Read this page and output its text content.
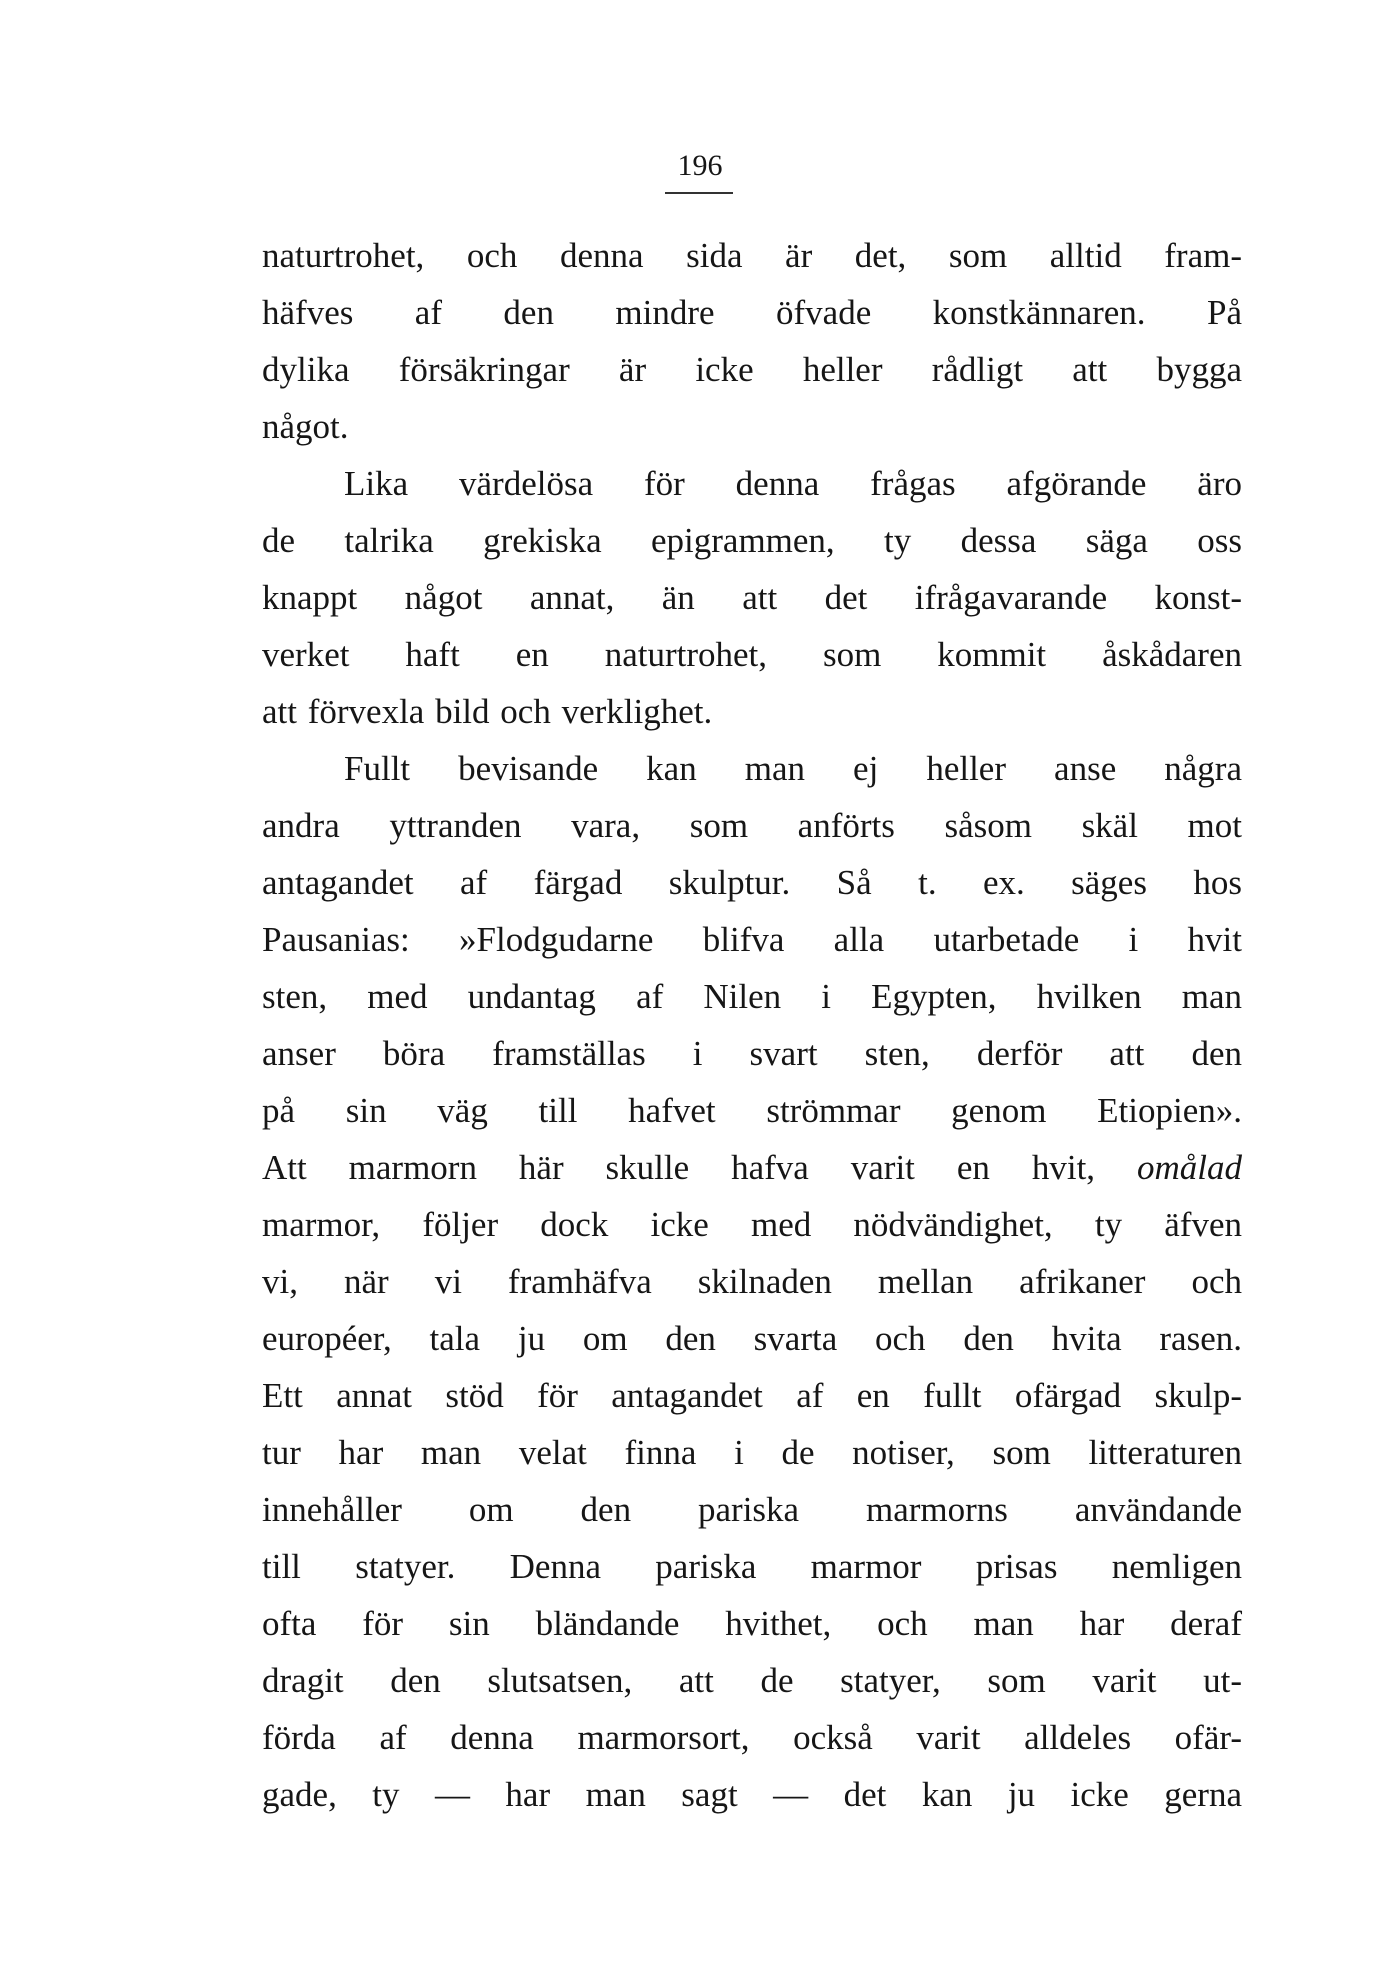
196
naturtrohet, och denna sida är det, som alltid fram-
häfves af den mindre öfvade konstkännaren. På
dylika försäkringar är icke heller rådligt att bygga
något.
Lika värdelösa för denna frågas afgörande äro
de talrika grekiska epigrammen, ty dessa säga oss
knappt något annat, än att det ifrågavarande konst-
verket haft en naturtrohet, som kommit åskådaren
att förvexla bild och verklighet.
Fullt bevisande kan man ej heller anse några
andra yttranden vara, som anförts såsom skäl mot
antagandet af färgad skulptur. Så t. ex. säges hos
Pausanias: »Flodgudarne blifva alla utarbetade i hvit
sten, med undantag af Nilen i Egypten, hvilken man
anser böra framställas i svart sten, derför att den
på sin väg till hafvet strömmar genom Etiopien».
Att marmorn här skulle hafva varit en hvit, omålad
marmor, följer dock icke med nödvändighet, ty äfven
vi, när vi framhäfva skilnaden mellan afrikaner och
européer, tala ju om den svarta och den hvita rasen.
Ett annat stöd för antagandet af en fullt ofärgad skulp-
tur har man velat finna i de notiser, som litteraturen
innehåller om den pariska marmorns användande
till statyer. Denna pariska marmor prisas nemligen
ofta för sin bländande hvithet, och man har deraf
dragit den slutsatsen, att de statyer, som varit ut-
förda af denna marmorsort, också varit alldeles ofär-
gade, ty — har man sagt — det kan ju icke gerna
